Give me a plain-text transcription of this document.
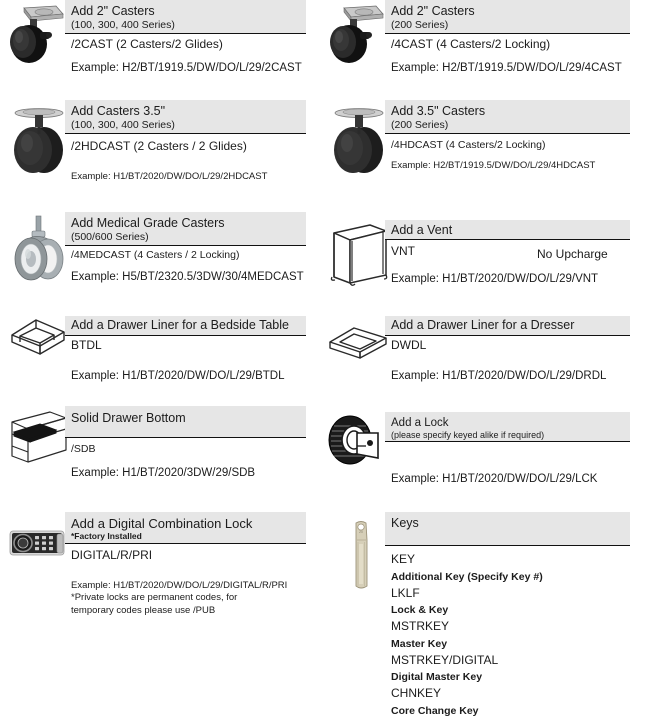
Add 2" Casters
(100, 300, 400 Series)
/2CAST (2 Casters/2 Glides)
Example: H2/BT/1919.5/DW/DO/L/29/2CAST
Add 2" Casters
(200 Series)
/4CAST (4 Casters/2 Locking)
Example: H2/BT/1919.5/DW/DO/L/29/4CAST
Add Casters 3.5"
(100, 300, 400 Series)
/2HDCAST (2 Casters / 2 Glides)
Example: H1/BT/2020/DW/DO/L/29/2HDCAST
Add 3.5" Casters
(200 Series)
/4HDCAST (4 Casters/2 Locking)
Example: H2/BT/1919.5/DW/DO/L/29/4HDCAST
Add Medical Grade Casters
(500/600 Series)
/4MEDCAST (4 Casters / 2 Locking)
Example: H5/BT/2320.5/3DW/30/4MEDCAST
Add a Vent
VNT	No Upcharge
Example: H1/BT/2020/DW/DO/L/29/VNT
Add a Drawer Liner for a Bedside Table
BTDL
Example: H1/BT/2020/DW/DO/L/29/BTDL
Add a Drawer Liner for a Dresser
DWDL
Example: H1/BT/2020/DW/DO/L/29/DRDL
Solid Drawer Bottom
/SDB
Example: H1/BT/2020/3DW/29/SDB
Add a Lock
(please specify keyed alike if required)
Example: H1/BT/2020/DW/DO/L/29/LCK
Add a Digital Combination Lock
*Factory Installed
DIGITAL/R/PRI
Example: H1/BT/2020/DW/DO/L/29/DIGITAL/R/PRI
*Private locks are permanent codes, for temporary codes please use /PUB
20
Keys
KEY
Additional Key (Specify Key #)
LKLF
Lock & Key
MSTRKEY
Master Key
MSTRKEY/DIGITAL
Digital Master Key
CHNKEY
Core Change Key
